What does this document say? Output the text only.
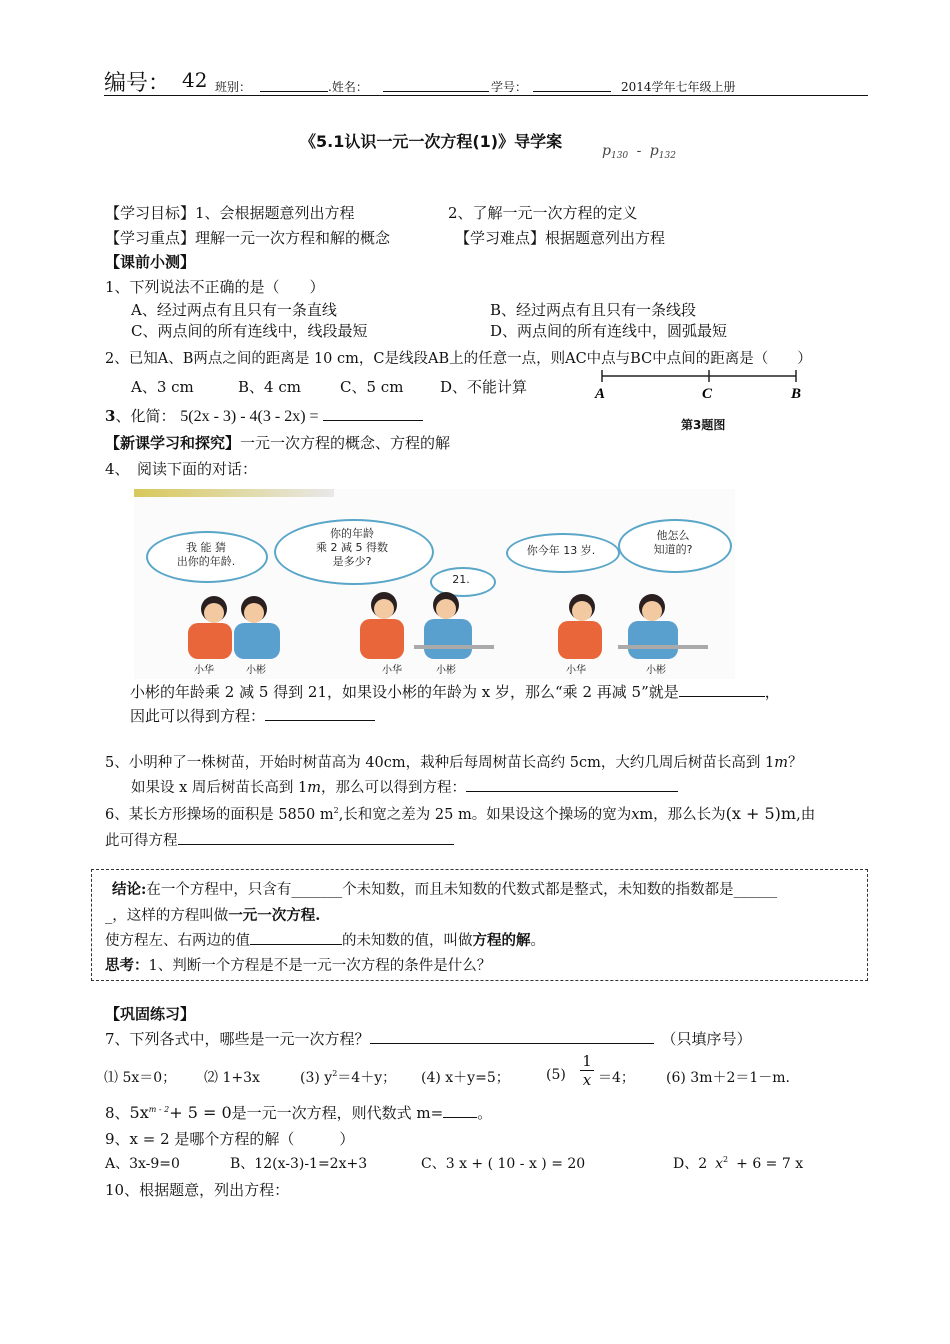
编号： 42 班别：	.姓名：	学号：	2014学年七年级上册
《5.1认识一元一次方程(1)》导学案	$p_{130} - p_{132}$
【学习目标】1、会根据题意列出方程	2、了解一元一次方程的定义
【学习重点】理解一元一次方程和解的概念	【学习难点】根据题意列出方程
【课前小测】
1、下列说法不正确的是（　　）
A、经过两点有且只有一条直线	B、经过两点有且只有一条线段
C、两点间的所有连线中，线段最短	D、两点间的所有连线中，圆弧最短
2、已知A、B两点之间的距离是 10 cm，C是线段AB上的任意一点，则AC中点与BC中点间的距离是（　　）
A、3 cm	B、4 cm	C、5 cm D、不能计算	A	C	B
第3题图
3、化简： 5(2x - 3) - 4(3 - 2x) =
【新课学习和探究】一元一次方程的概念、方程的解
4、　阅读下面的对话：
我 能 猜
出你的年龄.
你的年龄
乘 2 减 5 得数
是多少?
21.
你今年 13 岁.
他怎么
知道的?
小华	小彬	小华	小彬	小华	小彬
小彬的年龄乘 2 减 5 得到 21，如果设小彬的年龄为 x 岁，那么“乘 2 再减 5”就是	，
因此可以得到方程：
5、小明种了一株树苗，开始时树苗高为 40cm，栽种后每周树苗长高约 5cm，大约几周后树苗长高到 1m？
如果设 x 周后树苗长高到 1m，那么可以得到方程：
6、某长方形操场的面积是 5850 $m^2$,长和宽之差为 25 m。如果设这个操场的宽为xm，那么长为(x + 5)m,由
此可得方程
结论:在一个方程中，只含有_______个未知数，而且未知数的代数式都是整式，未知数的指数都是______
_，这样的方程叫做一元一次方程.
使方程左、右两边的值	的未知数的值，叫做方程的解。
思考：1、判断一个方程是不是一元一次方程的条件是什么？
【巩固练习】
7、下列各式中，哪些是一元一次方程？	（只填序号）
⑴ 5x＝0； ⑵ 1+3x	(3) $y^2=4+y$； (4) x＋y=5；	(5)
1
x ＝4； (6) 3m＋2＝1－m.
8、$5x^{m - 2}+ 5 = 0$是一元一次方程，则代数式 m= 。
9、x = 2 是哪个方程的解（　　　）
A、3x-9=0	B、12(x-3)-1=2x+3	C、3 x + ( 10 - x ) = 20	D、2 $x^2 + 6 = 7$ x
10、根据题意，列出方程：
